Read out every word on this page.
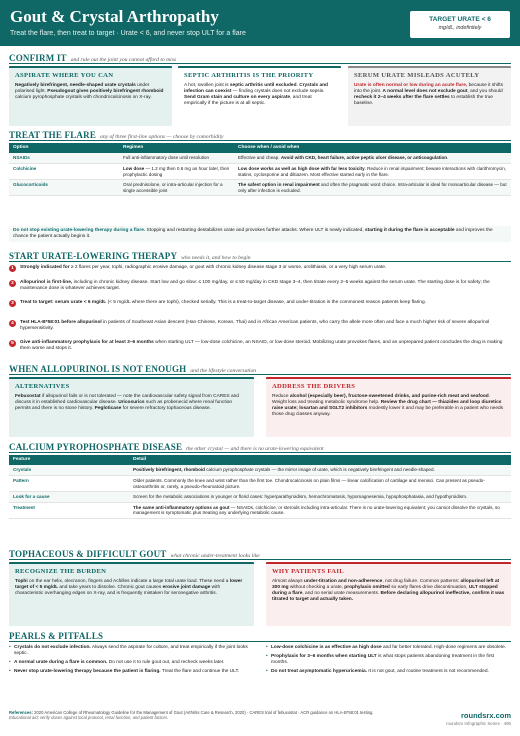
Gout & Crystal Arthropathy
Treat the flare, then treat to target · Urate < 6, and never stop ULT for a flare
TARGET URATE < 6
mg/dL, indefinitely
CONFIRM IT and rule out the joint you cannot afford to miss
ASPIRATE WHERE YOU CAN
Negatively birefringent, needle-shaped urate crystals under polarised light. Pseudogout gives positively birefringent rhomboid calcium pyrophosphate crystals with chondrocalcinosis on X-ray.
SEPTIC ARTHRITIS IS THE PRIORITY
A hot, swollen joint is septic arthritis until excluded. Crystals and infection can coexist — finding crystals does not exclude sepsis. Send Gram stain and culture on every aspirate, and treat empirically if the picture is at all septic.
SERUM URATE MISLEADS ACUTELY
Urate is often normal or low during an acute flare, because it shifts into the joint. A normal level does not exclude gout, and you should recheck it 2–4 weeks after the flare settles to establish the true baseline.
TREAT THE FLARE any of three first-line options — choose by comorbidity
Option	Regimen	Choose when / avoid when
NSAIDs	Full anti-inflammatory dose until resolution	Effective and cheap. Avoid with CKD, heart failure, active peptic ulcer disease, or anticoagulation.
Colchicine	Low dose — 1.2 mg then 0.6 mg an hour later, then prophylactic dosing	Low dose works as well as high dose with far less toxicity. Reduce in renal impairment; beware interactions with clarithromycin, statins, cyclosporine and diltiazem. Most effective started early in the flare.
Glucocorticoids	Oral prednisolone, or intra-articular injection for a single accessible joint	The safest option in renal impairment and often the pragmatic word choice. Intra-articular is ideal for monoarticular disease — but only after infection is excluded.
Do not stop existing urate-lowering therapy during a flare. Stopping and restarting destabilizes urate and provokes further attacks. Where ULT is newly indicated, starting it during the flare is acceptable and improves the chance the patient actually begins it.
START URATE-LOWERING THERAPY who needs it, and how to begin
1	Strongly indicated for ≥ 2 flares per year, tophi, radiographic erosive damage, or gout with chronic kidney disease stage 3 or worse, urolithiasis, or a very high serum urate.
2	Allopurinol is first-line, including in chronic kidney disease. Start low and go slow: ≤ 100 mg/day, or ≤ 50 mg/day in CKD stage 3–4, then titrate every 2–5 weeks against the serum urate. The starting dose is for safety; the maintenance dose is whatever achieves target.
3	Treat to target: serum urate < 6 mg/dL (< 5 mg/dL where there are tophi), checked serially. This is a treat-to-target disease, and under-titration is the commonest reason patients keep flaring.
4	Test HLA-B*58:01 before allopurinol in patients of Southeast Asian descent (Han Chinese, Korean, Thai) and in African American patients, who carry the allele more often and face a much higher risk of severe allopurinol hypersensitivity.
5	Give anti-inflammatory prophylaxis for at least 3–6 months when starting ULT — low-dose colchicine, an NSAID, or low-dose steroid. Mobilizing urate provokes flares, and an unprepared patient concludes the drug is making them worse and stops it.
WHEN ALLOPURINOL IS NOT ENOUGH and the lifestyle conversation
ALTERNATIVES
Febuxostat if allopurinol fails or is not tolerated — note the cardiovascular safety signal from CARES and discuss it in established cardiovascular disease. Uricosurics such as probenecid where renal function permits and there is no stone history. Pegloticase for severe refractory tophaceous disease.
ADDRESS THE DRIVERS
Reduce alcohol (especially beer), fructose-sweetened drinks, and purine-rich meat and seafood. Weight loss and treating metabolic syndrome help. Review the drug chart — thiazides and loop diuretics raise urate; losartan and SGLT2 inhibitors modestly lower it and may be preferable in a patient who needs those drug classes anyway.
CALCIUM PYROPHOSPHATE DISEASE the other crystal — and there is no urate-lowering equivalent
Feature	Detail
Crystals	Positively birefringent, rhomboid calcium pyrophosphate crystals — the mirror image of urate, which is negatively birefringent and needle-shaped.
Pattern	Older patients. Commonly the knee and wrist rather than the first toe. Chondrocalcinosis on plain films — linear calcification of cartilage and menisci. Can present as pseudo-osteoarthritis or, rarely, a pseudo-rheumatoid picture.
Look for a cause	Screen for the metabolic associations in younger or florid cases: hyperparathyroidism, hemochromatosis, hypomagnesemia, hypophosphatasia, and hypothyroidism.
Treatment	The same anti-inflammatory options as gout — NSAIDs, colchicine, or steroids including intra-articular. There is no urate-lowering equivalent; you cannot dissolve the crystals, so management is symptomatic plus treating any underlying metabolic cause.
TOPHACEOUS & DIFFICULT GOUT what chronic under-treatment looks like
RECOGNIZE THE BURDEN
Tophi on the ear helix, olecranon, fingers and Achilles indicate a large total urate load. These need a lower target of < 5 mg/dL and take years to dissolve. Chronic gout causes erosive joint damage with characteristic overhanging edges on X-ray, and is frequently mistaken for seronegative arthritis.
WHY PATIENTS FAIL
Almost always under-titration and non-adherence, not drug failure. Common patterns: allopurinol left at 300 mg without checking a urate, prophylaxis omitted so early flares drive discontinuation, ULT stopped during a flare, and no serial urate measurements. Before declaring allopurinol ineffective, confirm it was titrated to target and actually taken.
PEARLS & PITFALLS
• Crystals do not exclude infection. Always send the aspirate for culture, and treat empirically if the joint looks septic.
• A normal urate during a flare is common. Do not use it to rule gout out, and recheck weeks later.
• Never stop urate-lowering therapy because the patient is flaring. Treat the flare and continue the ULT.
• Low-dose colchicine is as effective as high dose and far better tolerated. High-dose regimens are obsolete.
• Prophylaxis for 3–6 months when starting ULT is what stops patients abandoning treatment in the first months.
• Do not treat asymptomatic hyperuricemia. It is not gout, and routine treatment is not recommended.
References: 2020 American College of Rheumatology Guideline for the Management of Gout (Arthritis Care & Research, 2020) · CARES trial of febuxostat · ACR guidance on HLA-B*58:01 testing.
Educational aid; verify doses against local protocol, renal function, and patient factors.	roundsrx.com
roundsrx Infographic Series · 495
